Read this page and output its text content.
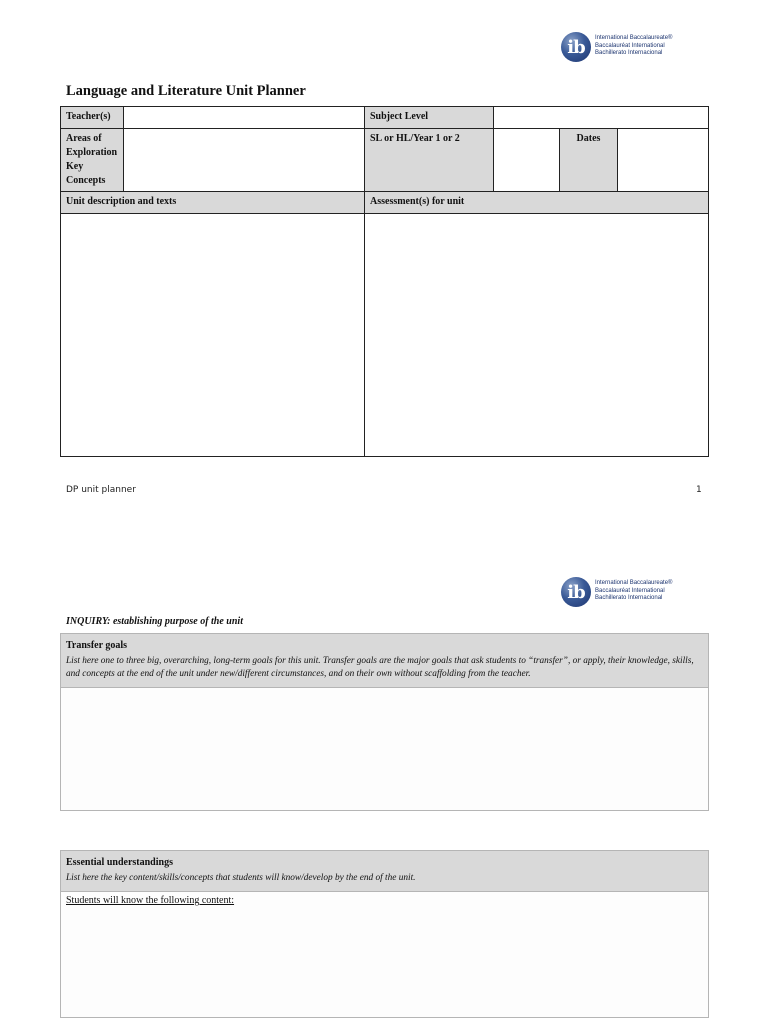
ib	International Baccalaureate®
Baccalauréat International
Bachillerato Internacional
Language and Literature Unit Planner
Teacher(s)		Subject Level			
Areas of Exploration Key Concepts		SL or HL/Year 1 or 2		Dates	
Unit description and texts		Assessment(s) for unit			

DP unit planner	1
ib	International Baccalaureate®
Baccalauréat International
Bachillerato Internacional
INQUIRY: establishing purpose of the unit
Transfer goals
List here one to three big, overarching, long-term goals for this unit. Transfer goals are the major goals that ask students to “transfer”, or apply, their knowledge, skills, and concepts at the end of the unit under new/different circumstances, and on their own without scaffolding from the teacher.
Essential understandings
List here the key content/skills/concepts that students will know/develop by the end of the unit.
Students will know the following content:
